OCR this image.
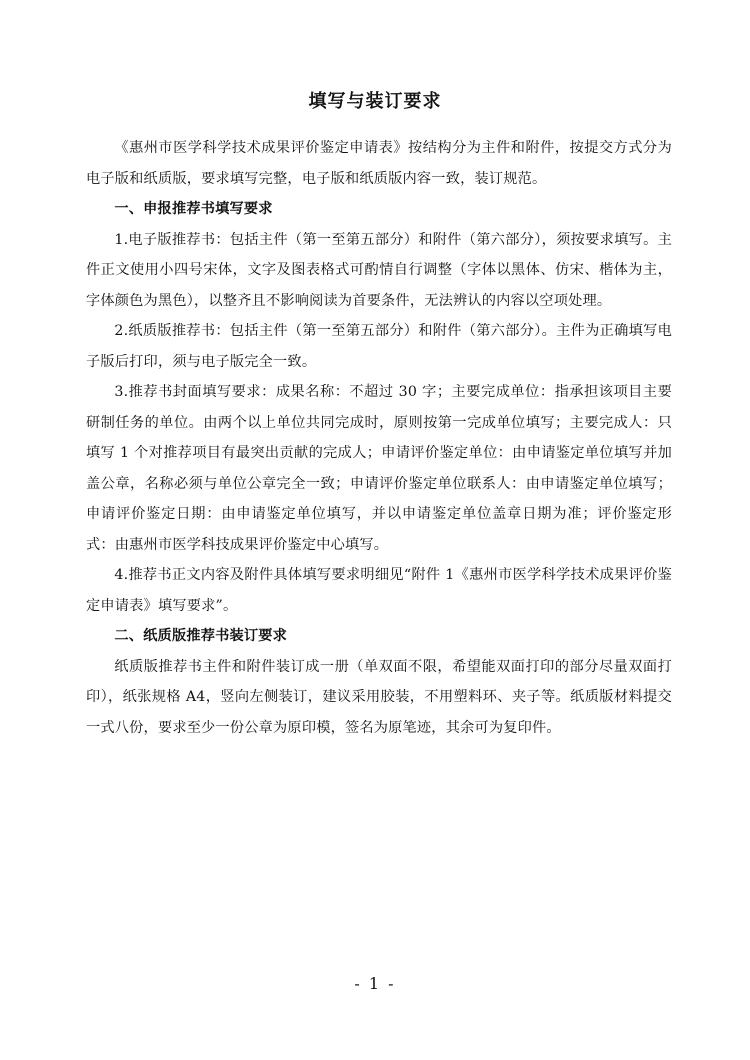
填写与装订要求

《惠州市医学科学技术成果评价鉴定申请表》按结构分为主件和附件，按提交方式分为电子版和纸质版，要求填写完整，电子版和纸质版内容一致，装订规范。

一、申报推荐书填写要求

1.电子版推荐书：包括主件（第一至第五部分）和附件（第六部分），须按要求填写。主件正文使用小四号宋体，文字及图表格式可酌情自行调整（字体以黑体、仿宋、楷体为主，字体颜色为黑色），以整齐且不影响阅读为首要条件，无法辨认的内容以空项处理。

2.纸质版推荐书：包括主件（第一至第五部分）和附件（第六部分）。主件为正确填写电子版后打印，须与电子版完全一致。

3.推荐书封面填写要求：成果名称：不超过 30 字；主要完成单位：指承担该项目主要研制任务的单位。由两个以上单位共同完成时，原则按第一完成单位填写；主要完成人：只填写 1 个对推荐项目有最突出贡献的完成人；申请评价鉴定单位：由申请鉴定单位填写并加盖公章，名称必须与单位公章完全一致；申请评价鉴定单位联系人：由申请鉴定单位填写；申请评价鉴定日期：由申请鉴定单位填写，并以申请鉴定单位盖章日期为准；评价鉴定形式：由惠州市医学科技成果评价鉴定中心填写。

4.推荐书正文内容及附件具体填写要求明细见“附件 1《惠州市医学科学技术成果评价鉴定申请表》填写要求”。

二、纸质版推荐书装订要求

纸质版推荐书主件和附件装订成一册（单双面不限，希望能双面打印的部分尽量双面打印），纸张规格 A4，竖向左侧装订，建议采用胶装，不用塑料环、夹子等。纸质版材料提交一式八份，要求至少一份公章为原印模，签名为原笔迹，其余可为复印件。

- 1 -
